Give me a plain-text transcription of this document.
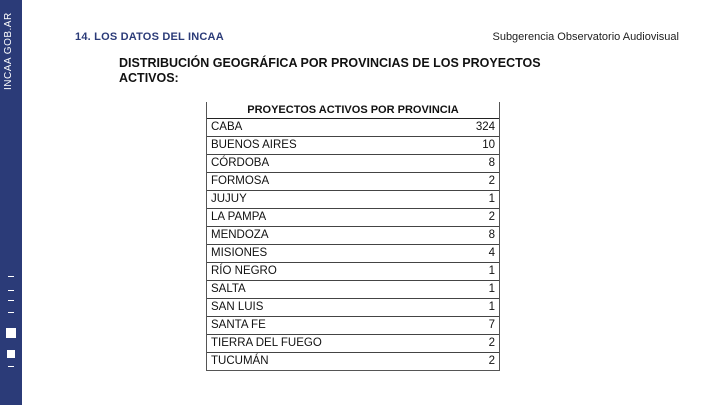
INCAA GOB.AR	14. LOS DATOS DEL INCAA	Subgerencia Observatorio Audiovisual
DISTRIBUCIÓN GEOGRÁFICA POR PROVINCIAS DE LOS PROYECTOS ACTIVOS:
PROYECTOS ACTIVOS POR PROVINCIA
CABA	324
BUENOS AIRES	10
CÓRDOBA	8
FORMOSA	2
JUJUY	1
LA PAMPA	2
MENDOZA	8
MISIONES	4
RÍO NEGRO	1
SALTA	1
SAN LUIS	1
SANTA FE	7
TIERRA DEL FUEGO	2
TUCUMÁN	2
